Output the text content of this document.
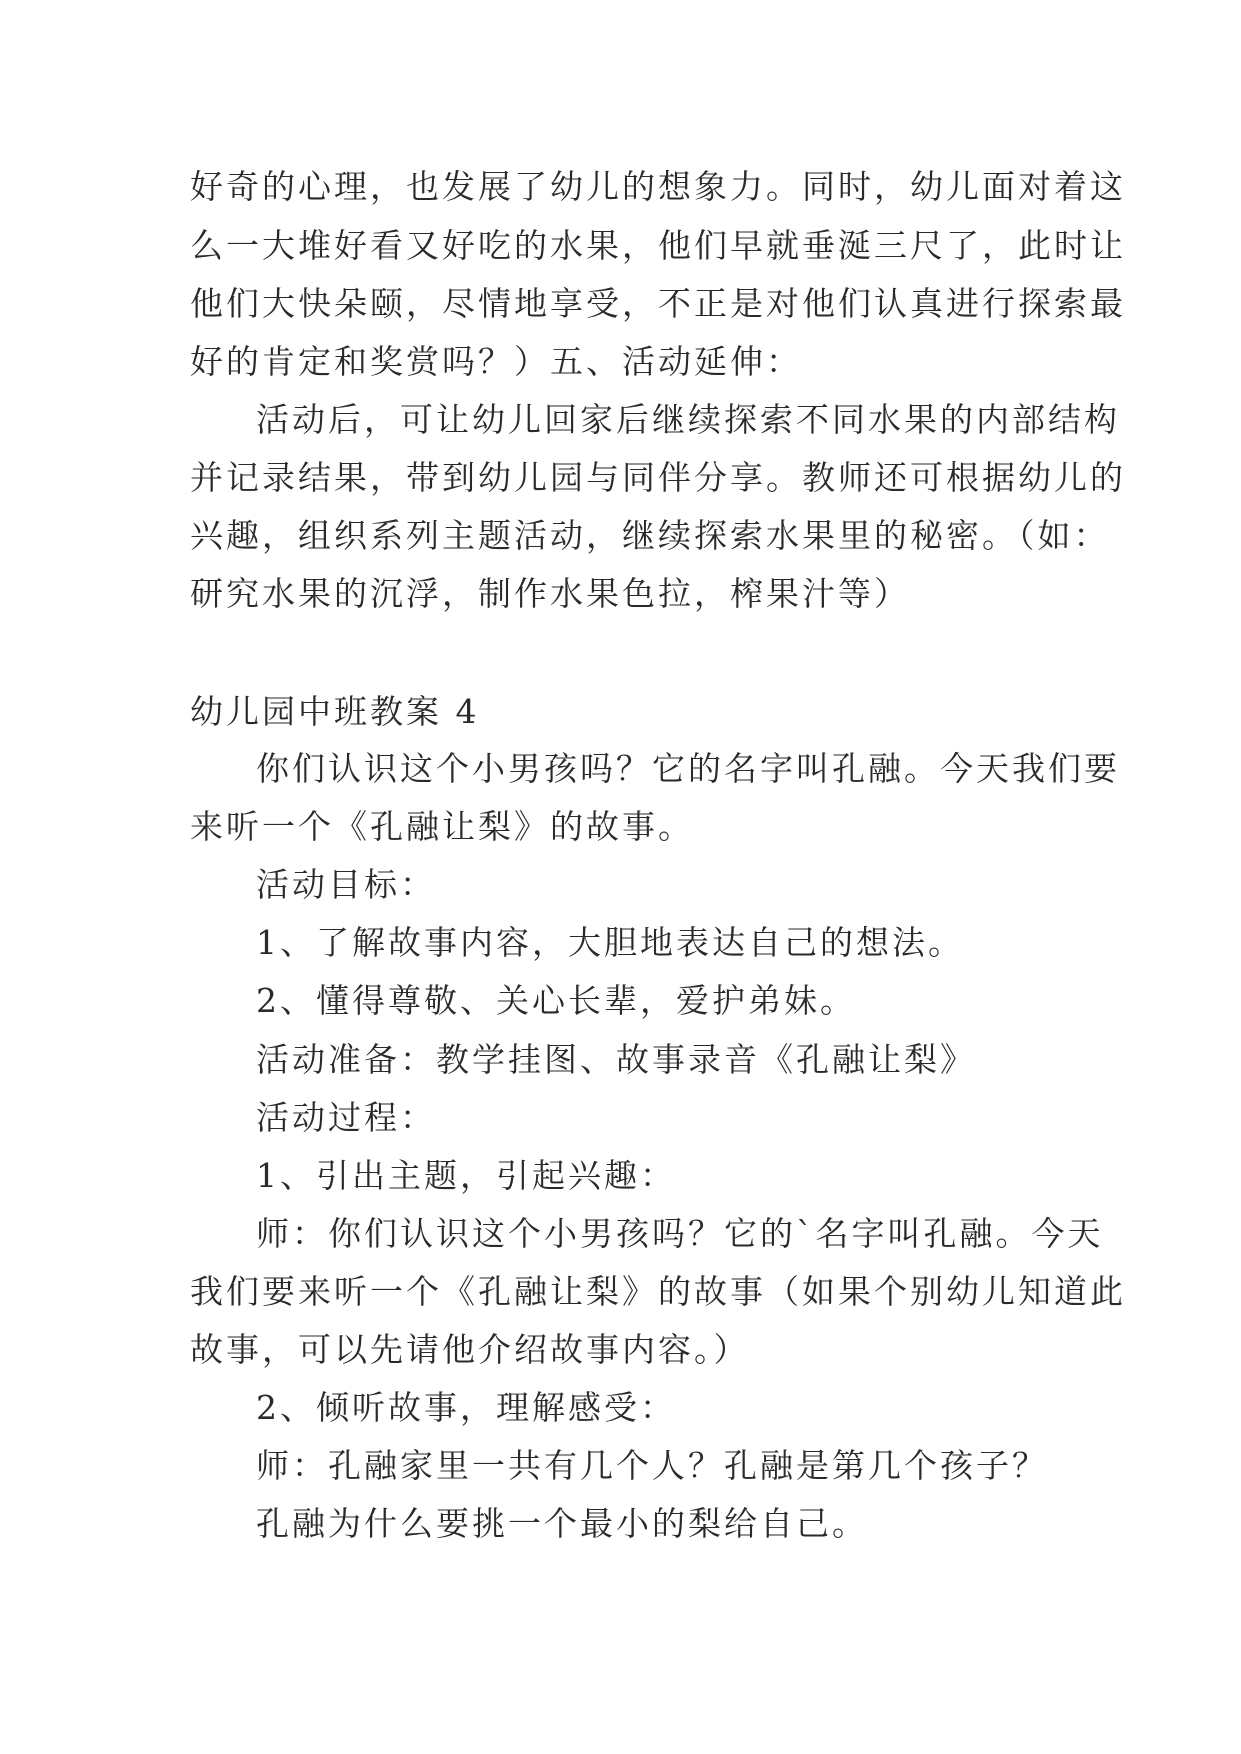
好奇的心理，也发展了幼儿的想象力。同时，幼儿面对着这
么一大堆好看又好吃的水果，他们早就垂涎三尺了，此时让
他们大快朵颐，尽情地享受，不正是对他们认真进行探索最
好的肯定和奖赏吗？）五、活动延伸：
活动后，可让幼儿回家后继续探索不同水果的内部结构
并记录结果，带到幼儿园与同伴分享。教师还可根据幼儿的
兴趣，组织系列主题活动，继续探索水果里的秘密。（如：
研究水果的沉浮，制作水果色拉，榨果汁等）
幼儿园中班教案 4
你们认识这个小男孩吗？它的名字叫孔融。今天我们要
来听一个《孔融让梨》的故事。
活动目标：
1、了解故事内容，大胆地表达自己的想法。
2、懂得尊敬、关心长辈，爱护弟妹。
活动准备：教学挂图、故事录音《孔融让梨》
活动过程：
1、引出主题，引起兴趣：
师：你们认识这个小男孩吗？它的`名字叫孔融。今天
我们要来听一个《孔融让梨》的故事（如果个别幼儿知道此
故事，可以先请他介绍故事内容。）
2、倾听故事，理解感受：
师：孔融家里一共有几个人？孔融是第几个孩子？
孔融为什么要挑一个最小的梨给自己。
